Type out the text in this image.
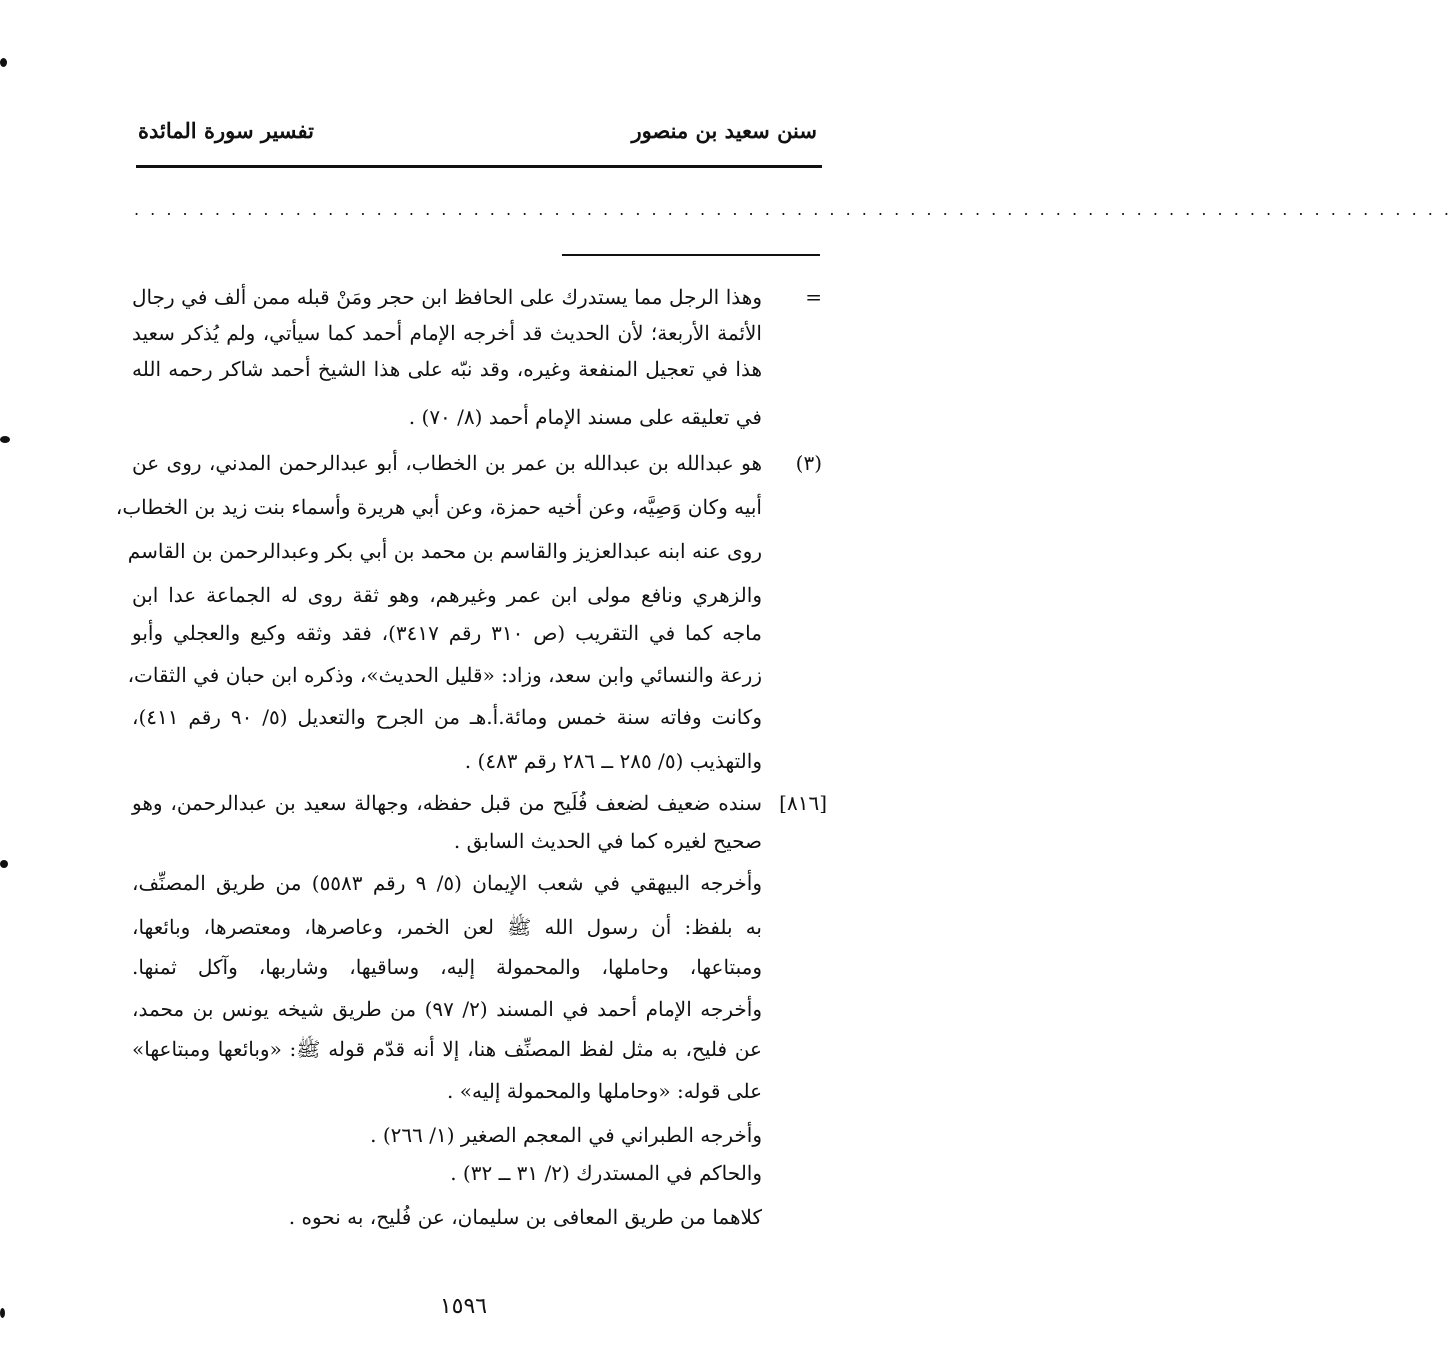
سنن سعيد بن منصور
تفسير سورة المائدة
. . . . . . . . . . . . . . . . . . . . . . . . . . . . . . . . . . . . . . . . . . . . . . . . . . . . . . . . . . . . . . . . . . . . . . . . . . . . . . . . . .
=
وهذا الرجل مما يستدرك على الحافظ ابن حجر ومَنْ قبله ممن ألف في رجال
الأئمة الأربعة؛ لأن الحديث قد أخرجه الإمام أحمد كما سيأتي، ولم يُذكر سعيد
هذا في تعجيل المنفعة وغيره، وقد نبّه على هذا الشيخ أحمد شاكر رحمه الله
في تعليقه على مسند الإمام أحمد (٨/ ٧٠) .
(٣)
هو عبدالله بن عبدالله بن عمر بن الخطاب، أبو عبدالرحمن المدني، روى عن
أبيه وكان وَصِيَّه، وعن أخيه حمزة، وعن أبي هريرة وأسماء بنت زيد بن الخطاب،
روى عنه ابنه عبدالعزيز والقاسم بن محمد بن أبي بكر وعبدالرحمن بن القاسم
والزهري ونافع مولى ابن عمر وغيرهم، وهو ثقة روى له الجماعة عدا ابن
ماجه كما في التقريب (ص ٣١٠ رقم ٣٤١٧)، فقد وثقه وكيع والعجلي وأبو
زرعة والنسائي وابن سعد، وزاد: «قليل الحديث»، وذكره ابن حبان في الثقات،
وكانت وفاته سنة خمس ومائة.أ.هـ من الجرح والتعديل (٥/ ٩٠ رقم ٤١١)،
والتهذيب (٥/ ٢٨٥ ــ ٢٨٦ رقم ٤٨٣) .
[٨١٦]
سنده ضعيف لضعف فُلَيح من قبل حفظه، وجهالة سعيد بن عبدالرحمن، وهو
صحيح لغيره كما في الحديث السابق .
وأخرجه البيهقي في شعب الإيمان (٥/ ٩ رقم ٥٥٨٣) من طريق المصنِّف،
به بلفظ: أن رسول الله ﷺ لعن الخمر، وعاصرها، ومعتصرها، وبائعها،
ومبتاعها، وحاملها، والمحمولة إليه، وساقيها، وشاربها، وآكل ثمنها.
وأخرجه الإمام أحمد في المسند (٢/ ٩٧) من طريق شيخه يونس بن محمد،
عن فليح، به مثل لفظ المصنِّف هنا، إلا أنه قدّم قوله ﷺ: «وبائعها ومبتاعها»
على قوله: «وحاملها والمحمولة إليه» .
وأخرجه الطبراني في المعجم الصغير (١/ ٢٦٦) .
والحاكم في المستدرك (٢/ ٣١ ــ ٣٢) .
كلاهما من طريق المعافى بن سليمان، عن فُليح، به نحوه .
١٥٩٦
